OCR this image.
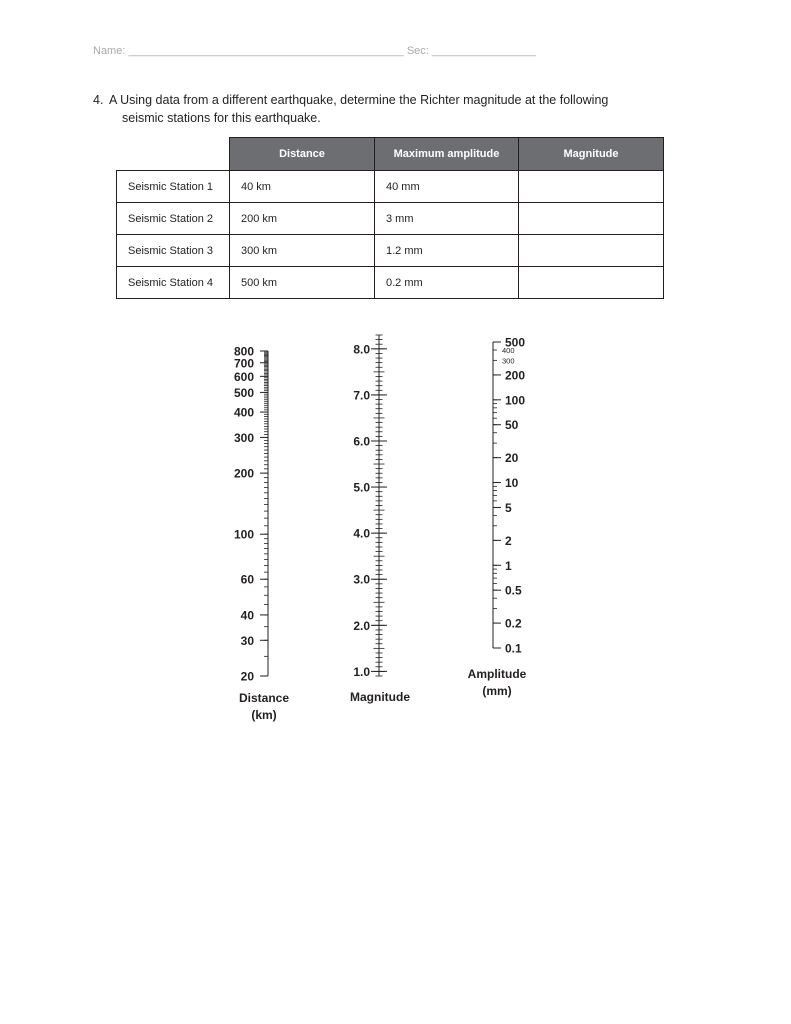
Name: _____________________________________________ Sec: _________________
4. A Using data from a different earthquake, determine the Richter magnitude at the following
seismic stations for this earthquake.
	Distance	Maximum amplitude	Magnitude
Seismic Station 1	40 km	40 mm	
Seismic Station 2	200 km	3 mm	
Seismic Station 3	300 km	1.2 mm	
Seismic Station 4	500 km	0.2 mm	
800
700
600
500
400
300
200
100
60
40
30
20
Distance
(km)
8.0
7.0
6.0
5.0
4.0
3.0
2.0
1.0
Magnitude
500
400
300
200
100
50
20
10
5
2
1
0.5
0.2
0.1
Amplitude
(mm)
